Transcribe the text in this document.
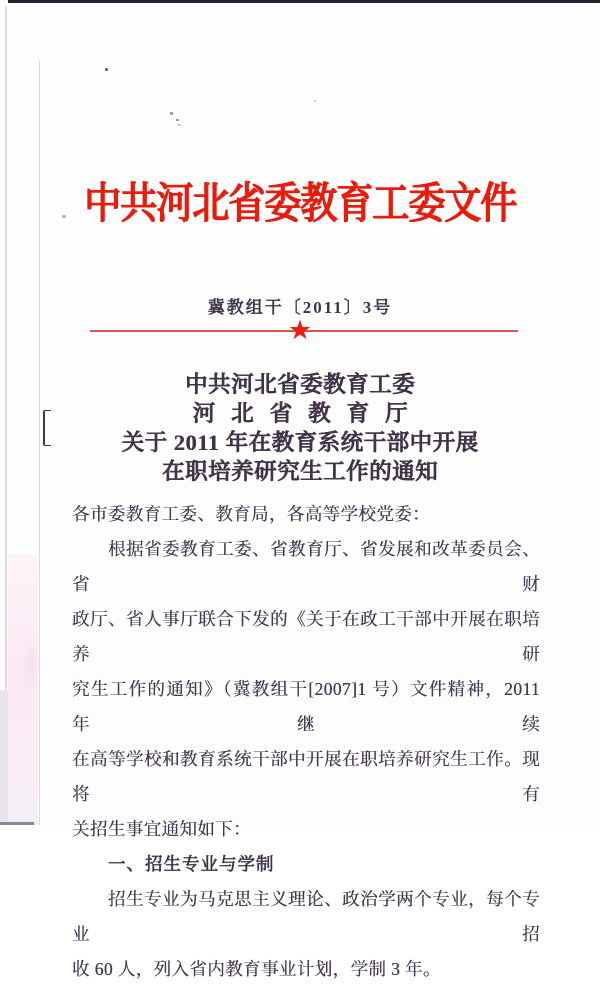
中共河北省委教育工委文件
冀教组干〔2011〕3号
★
中共河北省委教育工委
河北省教育厅
关于 2011 年在教育系统干部中开展
在职培养研究生工作的通知
各市委教育工委、教育局，各高等学校党委：
根据省委教育工委、省教育厅、省发展和改革委员会、省财
政厅、省人事厅联合下发的《关于在政工干部中开展在职培养研
究生工作的通知》（冀教组干[2007]1 号）文件精神，2011 年继续
在高等学校和教育系统干部中开展在职培养研究生工作。现将有
关招生事宜通知如下：
一、招生专业与学制
招生专业为马克思主义理论、政治学两个专业，每个专业招
收 60 人，列入省内教育事业计划，学制 3 年。
